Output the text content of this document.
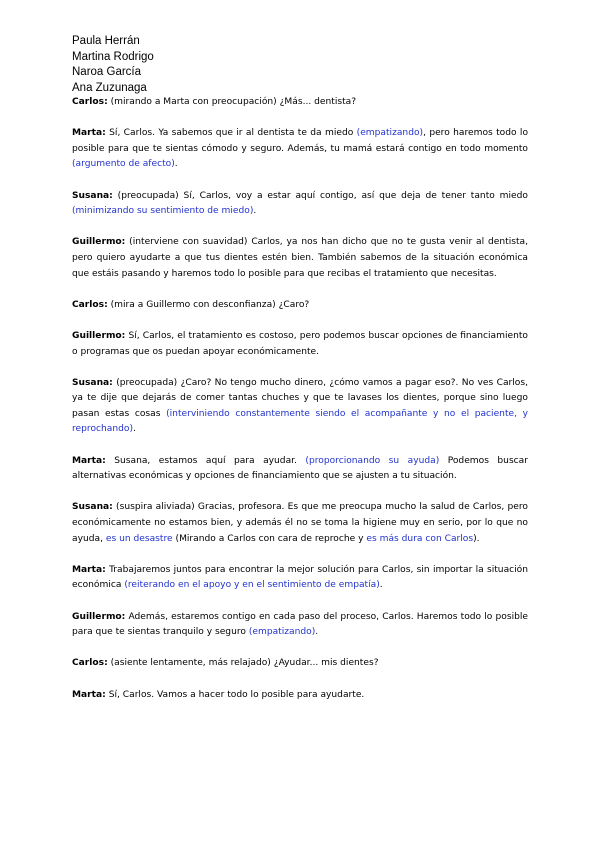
Paula Herrán
Martina Rodrigo
Naroa García
Ana Zuzunaga

Carlos: (mirando a Marta con preocupación) ¿Más... dentista?

Marta: Sí, Carlos. Ya sabemos que ir al dentista te da miedo (empatizando), pero haremos todo lo posible para que te sientas cómodo y seguro. Además, tu mamá estará contigo en todo momento (argumento de afecto).

Susana: (preocupada) Sí, Carlos, voy a estar aquí contigo, así que deja de tener tanto miedo (minimizando su sentimiento de miedo).

Guillermo: (interviene con suavidad) Carlos, ya nos han dicho que no te gusta venir al dentista, pero quiero ayudarte a que tus dientes estén bien. También sabemos de la situación económica que estáis pasando y haremos todo lo posible para que recibas el tratamiento que necesitas.

Carlos: (mira a Guillermo con desconfianza) ¿Caro?

Guillermo: Sí, Carlos, el tratamiento es costoso, pero podemos buscar opciones de financiamiento o programas que os puedan apoyar económicamente.

Susana: (preocupada) ¿Caro? No tengo mucho dinero, ¿cómo vamos a pagar eso?. No ves Carlos, ya te dije que dejarás de comer tantas chuches y que te lavases los dientes, porque sino luego pasan estas cosas (interviniendo constantemente siendo el acompañante y no el paciente, y reprochando).

Marta: Susana, estamos aquí para ayudar. (proporcionando su ayuda) Podemos buscar alternativas económicas y opciones de financiamiento que se ajusten a tu situación.

Susana: (suspira aliviada) Gracias, profesora. Es que me preocupa mucho la salud de Carlos, pero económicamente no estamos bien, y además él no se toma la higiene muy en serio, por lo que no ayuda, es un desastre (Mirando a Carlos con cara de reproche y es más dura con Carlos).

Marta: Trabajaremos juntos para encontrar la mejor solución para Carlos, sin importar la situación económica (reiterando en el apoyo y en el sentimiento de empatía).

Guillermo: Además, estaremos contigo en cada paso del proceso, Carlos. Haremos todo lo posible para que te sientas tranquilo y seguro (empatizando).

Carlos: (asiente lentamente, más relajado) ¿Ayudar... mis dientes?

Marta: Sí, Carlos. Vamos a hacer todo lo posible para ayudarte.
